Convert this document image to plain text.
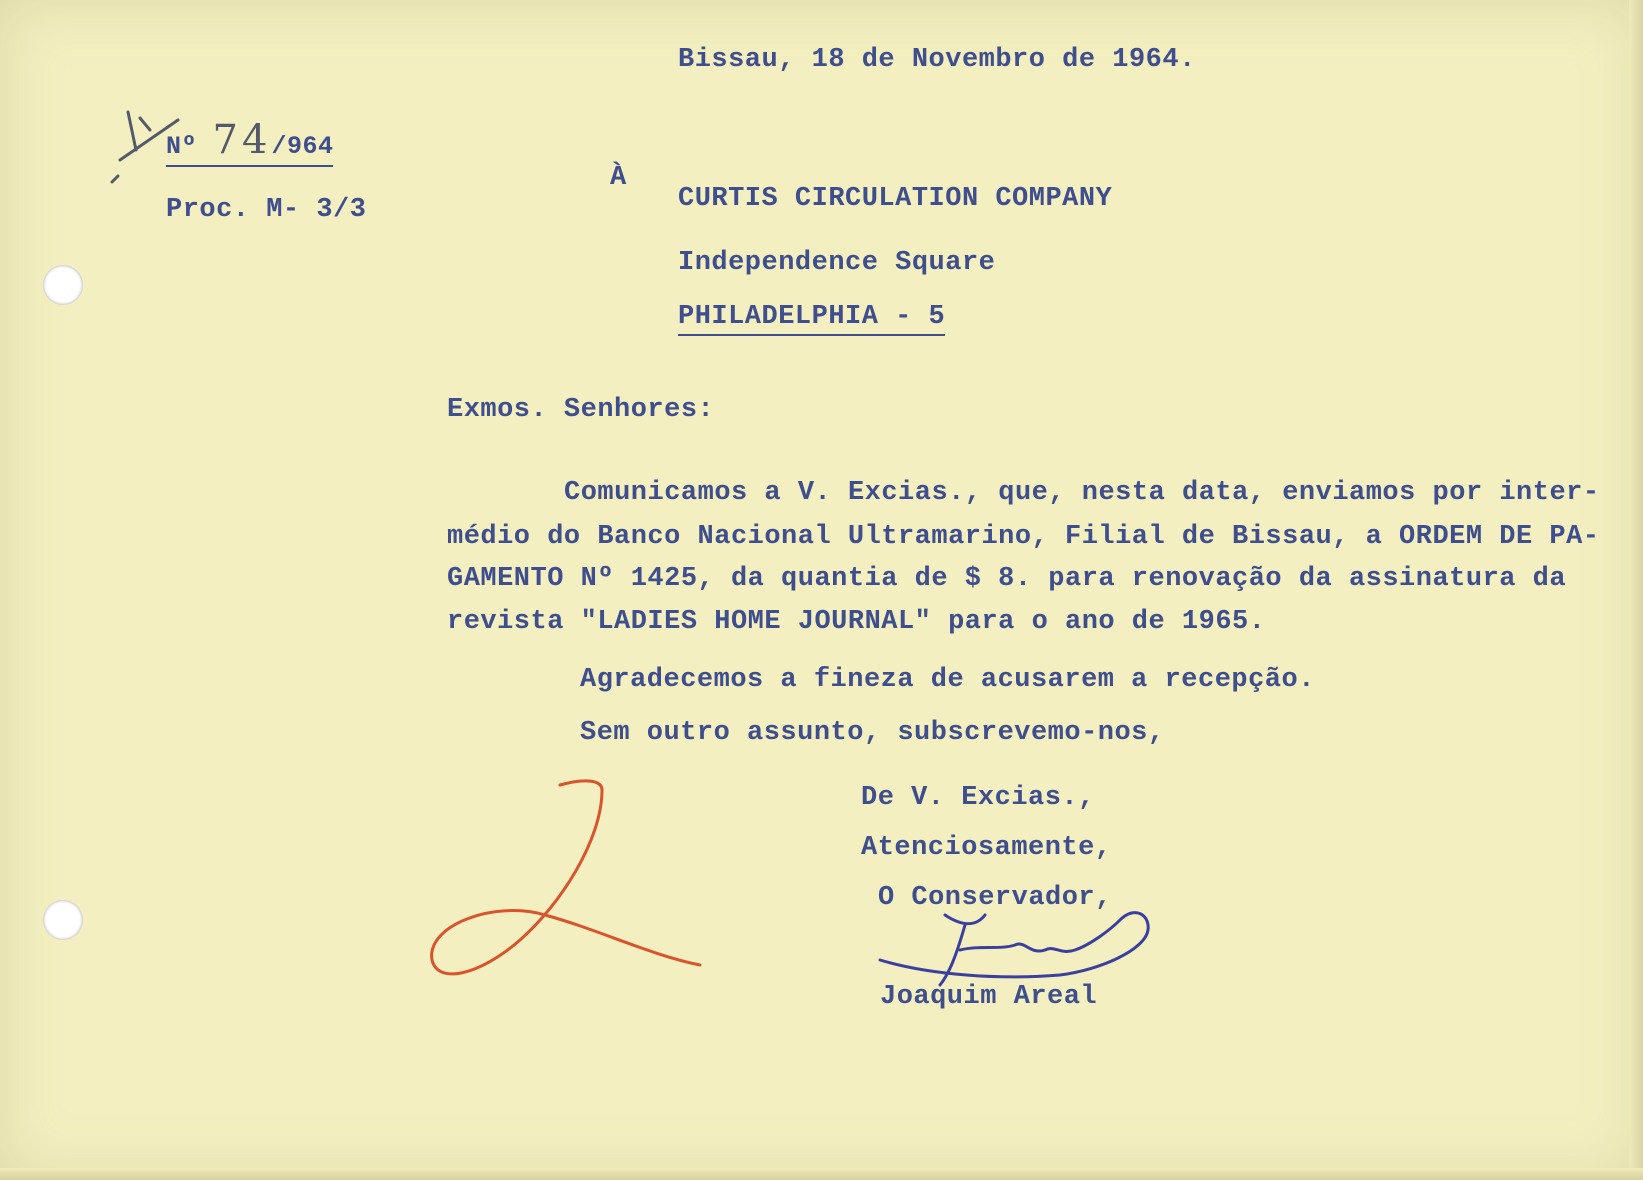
Bissau, 18 de Novembro de 1964.
Nº 74/964
Proc. M- 3/3
À
CURTIS CIRCULATION COMPANY
Independence Square
PHILADELPHIA - 5
Exmos. Senhores:
Comunicamos a V. Excias., que, nesta data, enviamos por inter-
médio do Banco Nacional Ultramarino, Filial de Bissau, a ORDEM DE PA-
GAMENTO Nº 1425, da quantia de $ 8. para renovação da assinatura da
revista "LADIES HOME JOURNAL" para o ano de 1965.
Agradecemos a fineza de acusarem a recepção.
Sem outro assunto, subscrevemo-nos,
De V. Excias.,
Atenciosamente,
O Conservador,
Joaquim Areal
